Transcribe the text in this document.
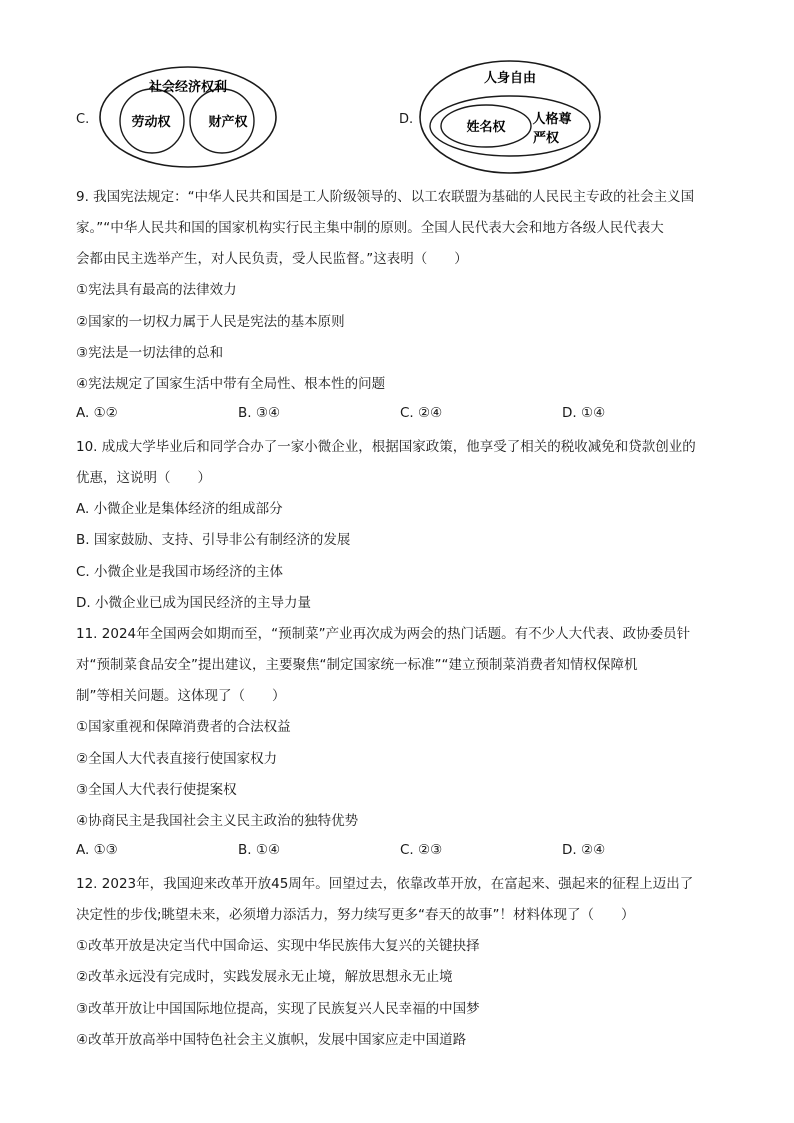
C.
社会经济权利
劳动权	财产权	D.
人身自由
姓名权
人格尊
严权
9. 我国宪法规定：“中华人民共和国是工人阶级领导的、以工农联盟为基础的人民民主专政的社会主义国
家。”“中华人民共和国的国家机构实行民主集中制的原则。全国人民代表大会和地方各级人民代表大
会都由民主选举产生，对人民负责，受人民监督。”这表明（　　）
①宪法具有最高的法律效力
②国家的一切权力属于人民是宪法的基本原则
③宪法是一切法律的总和
④宪法规定了国家生活中带有全局性、根本性的问题
A. ①②	B. ③④	C. ②④	D. ①④
10. 成成大学毕业后和同学合办了一家小微企业，根据国家政策，他享受了相关的税收减免和贷款创业的
优惠，这说明（　　）
A. 小微企业是集体经济的组成部分
B. 国家鼓励、支持、引导非公有制经济的发展
C. 小微企业是我国市场经济的主体
D. 小微企业已成为国民经济的主导力量
11. 2024年全国两会如期而至，“预制菜”产业再次成为两会的热门话题。有不少人大代表、政协委员针
对“预制菜食品安全”提出建议，主要聚焦“制定国家统一标准”“建立预制菜消费者知情权保障机
制”等相关问题。这体现了（　　）
①国家重视和保障消费者的合法权益
②全国人大代表直接行使国家权力
③全国人大代表行使提案权
④协商民主是我国社会主义民主政治的独特优势
A. ①③	B. ①④	C. ②③	D. ②④
12. 2023年，我国迎来改革开放45周年。回望过去，依靠改革开放，在富起来、强起来的征程上迈出了
决定性的步伐;眺望未来，必须增力添活力，努力续写更多“春天的故事”！材料体现了（　　）
①改革开放是决定当代中国命运、实现中华民族伟大复兴的关键抉择
②改革永远没有完成时，实践发展永无止境，解放思想永无止境
③改革开放让中国国际地位提高，实现了民族复兴人民幸福的中国梦
④改革开放高举中国特色社会主义旗帜，发展中国家应走中国道路
